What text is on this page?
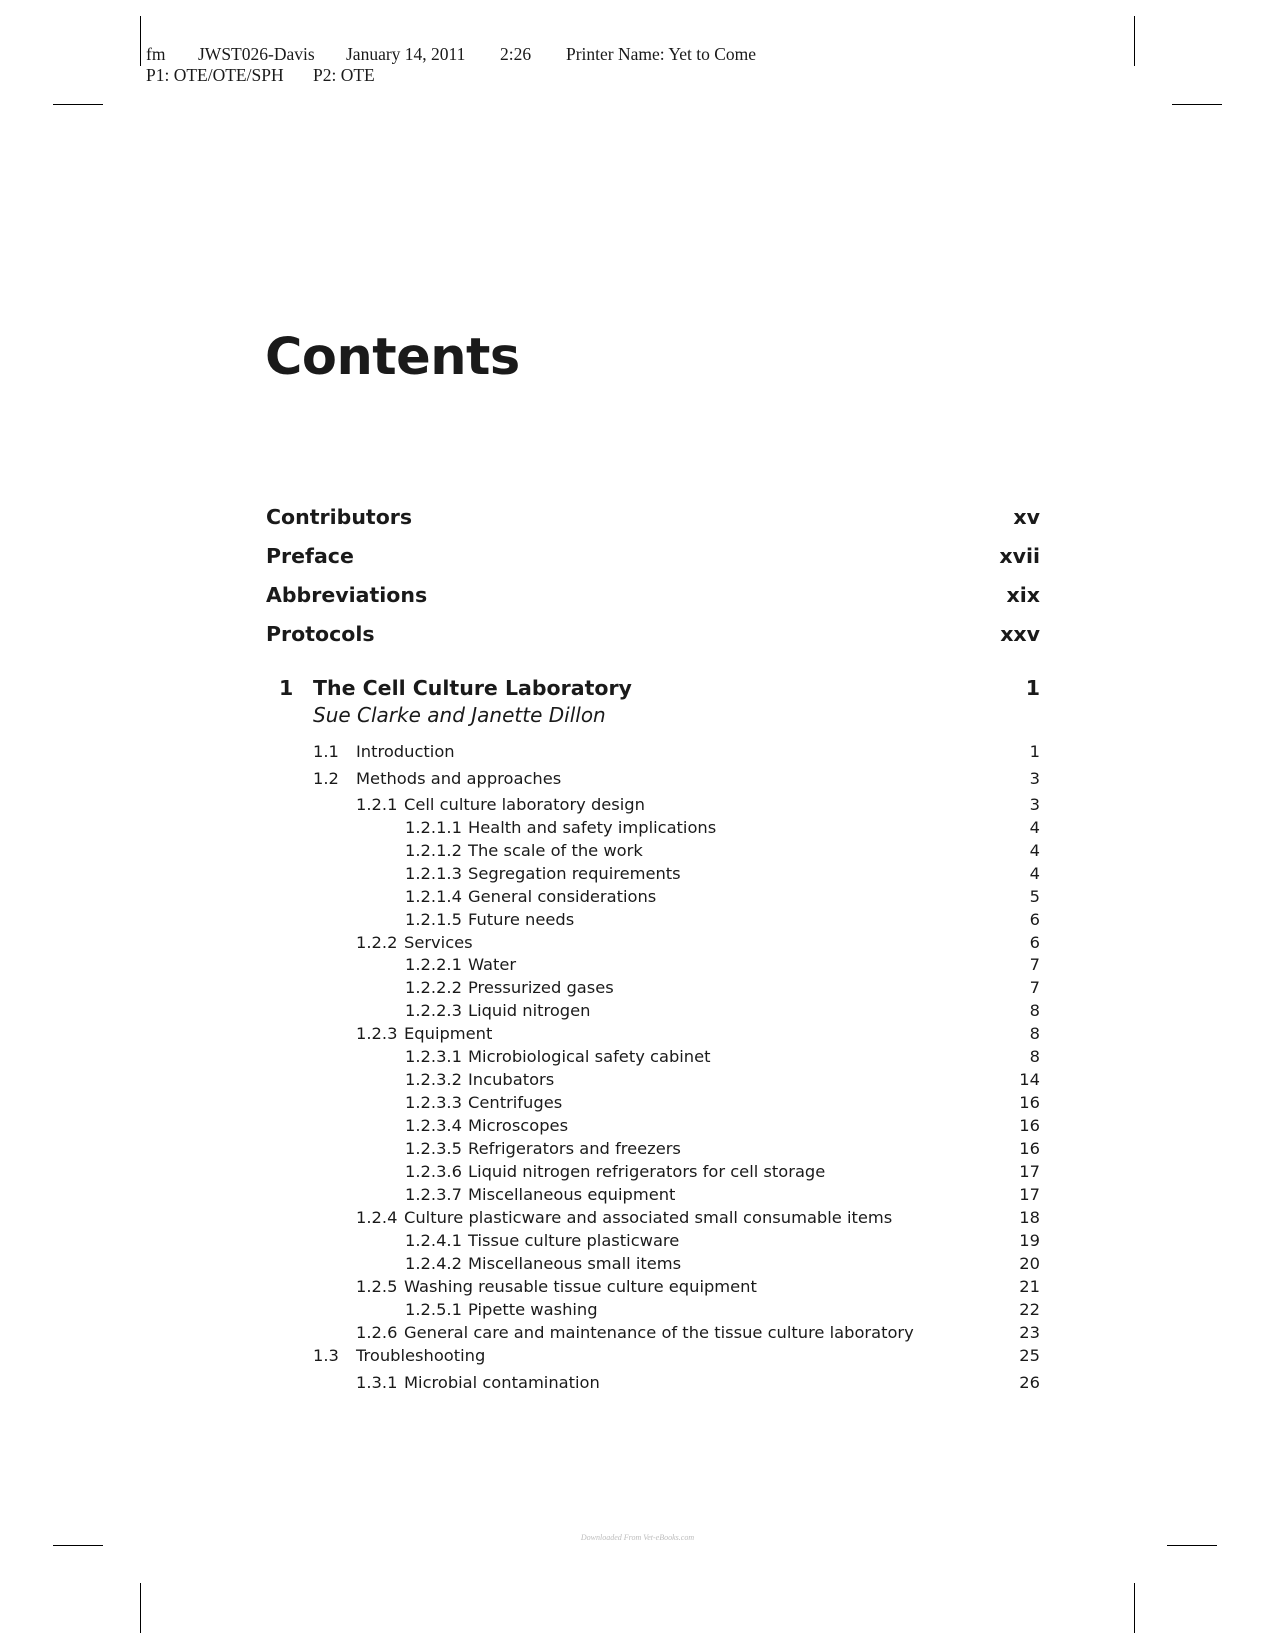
fm JWST026-Davis January 14, 2011 2:26 Printer Name: Yet to Come
P1: OTE/OTE/SPH P2: OTE
Contents
Contributors	xv
Preface	xvii
Abbreviations	xix
Protocols	xxv
1 The Cell Culture Laboratory	1
Sue Clarke and Janette Dillon
1.1 Introduction	1
1.2 Methods and approaches	3
1.2.1 Cell culture laboratory design	3
1.2.1.1 Health and safety implications	4
1.2.1.2 The scale of the work	4
1.2.1.3 Segregation requirements	4
1.2.1.4 General considerations	5
1.2.1.5 Future needs	6
1.2.2 Services	6
1.2.2.1 Water	7
1.2.2.2 Pressurized gases	7
1.2.2.3 Liquid nitrogen	8
1.2.3 Equipment	8
1.2.3.1 Microbiological safety cabinet	8
1.2.3.2 Incubators	14
1.2.3.3 Centrifuges	16
1.2.3.4 Microscopes	16
1.2.3.5 Refrigerators and freezers	16
1.2.3.6 Liquid nitrogen refrigerators for cell storage	17
1.2.3.7 Miscellaneous equipment	17
1.2.4 Culture plasticware and associated small consumable items	18
1.2.4.1 Tissue culture plasticware	19
1.2.4.2 Miscellaneous small items	20
1.2.5 Washing reusable tissue culture equipment	21
1.2.5.1 Pipette washing	22
1.2.6 General care and maintenance of the tissue culture laboratory	23
1.3 Troubleshooting	25
1.3.1 Microbial contamination	26
Downloaded From Vet-eBooks.com
